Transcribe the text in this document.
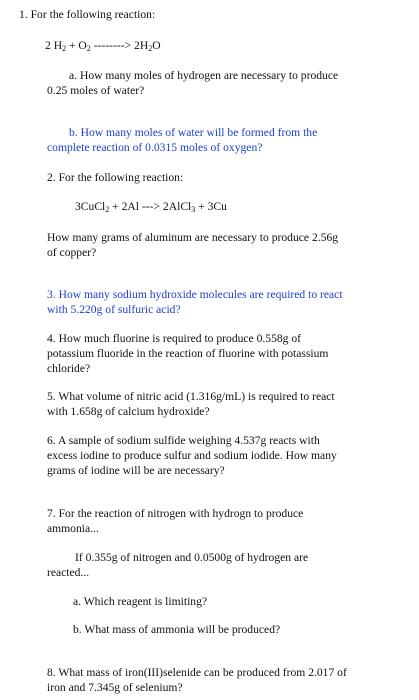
1. For the following reaction:
2 $H_2 + O_2$ --------> $2H_2O$
a. How many moles of hydrogen are necessary to produce
0.25 moles of water?
b. How many moles of water will be formed from the
complete reaction of 0.0315 moles of oxygen?
2. For the following reaction:
3CuCl$_2$ + 2Al ---> 2AlCl$_3$ + 3Cu
How many grams of aluminum are necessary to produce 2.56g
of copper?
3. How many sodium hydroxide molecules are required to react
with 5.220g of sulfuric acid?
4. How much fluorine is required to produce 0.558g of
potassium fluoride in the reaction of fluorine with potassium
chloride?
5. What volume of nitric acid (1.316g/mL) is required to react
with 1.658g of calcium hydroxide?
6. A sample of sodium sulfide weighing 4.537g reacts with
excess iodine to produce sulfur and sodium iodide. How many
grams of iodine will be are necessary?
7. For the reaction of nitrogen with hydrogn to produce
ammonia...
If 0.355g of nitrogen and 0.0500g of hydrogen are
reacted...
a. Which reagent is limiting?
b. What mass of ammonia will be produced?
8. What mass of iron(III)selenide can be produced from 2.017 of
iron and 7.345g of selenium?
